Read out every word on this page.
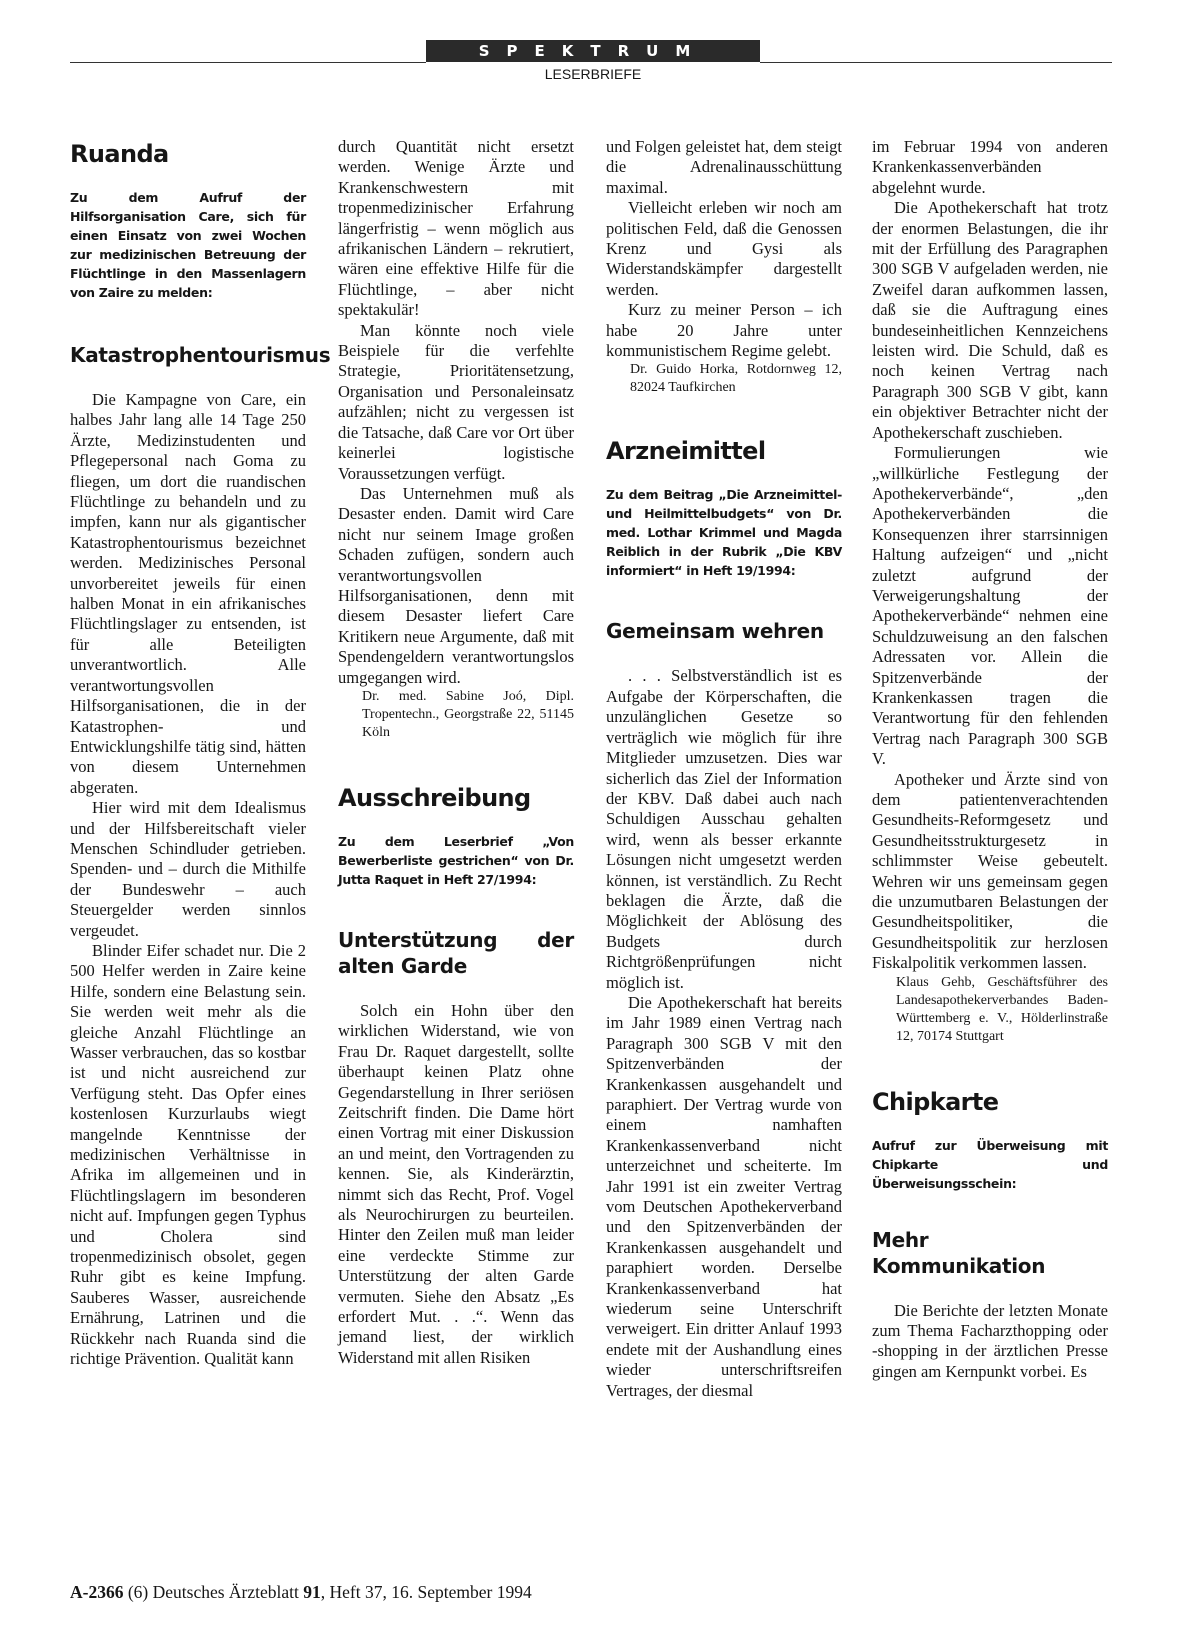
SPEKTRUM
LESERBRIEFE
Ruanda

Zu dem Aufruf der Hilfsorganisation Care, sich für einen Einsatz von zwei Wochen zur medizinischen Betreuung der Flüchtlinge in den Massenlagern von Zaire zu melden:

Katastrophentourismus

Die Kampagne von Care, ein halbes Jahr lang alle 14 Tage 250 Ärzte, Medizinstudenten und Pflegepersonal nach Goma zu fliegen, um dort die ruandischen Flüchtlinge zu behandeln und zu impfen, kann nur als gigantischer Katastrophentourismus bezeichnet werden. Medizinisches Personal unvorbereitet jeweils für einen halben Monat in ein afrikanisches Flüchtlingslager zu entsenden, ist für alle Beteiligten unverantwortlich. Alle verantwortungsvollen Hilfsorganisationen, die in der Katastrophen- und Entwicklungshilfe tätig sind, hätten von diesem Unternehmen abgeraten.

Hier wird mit dem Idealismus und der Hilfsbereitschaft vieler Menschen Schindluder getrieben. Spenden- und – durch die Mithilfe der Bundeswehr – auch Steuergelder werden sinnlos vergeudet.

Blinder Eifer schadet nur. Die 2 500 Helfer werden in Zaire keine Hilfe, sondern eine Belastung sein. Sie werden weit mehr als die gleiche Anzahl Flüchtlinge an Wasser verbrauchen, das so kostbar ist und nicht ausreichend zur Verfügung steht. Das Opfer eines kostenlosen Kurzurlaubs wiegt mangelnde Kenntnisse der medizinischen Verhältnisse in Afrika im allgemeinen und in Flüchtlingslagern im besonderen nicht auf. Impfungen gegen Typhus und Cholera sind tropenmedizinisch obsolet, gegen Ruhr gibt es keine Impfung. Sauberes Wasser, ausreichende Ernährung, Latrinen und die Rückkehr nach Ruanda sind die richtige Prävention. Qualität kann

durch Quantität nicht ersetzt werden. Wenige Ärzte und Krankenschwestern mit tropenmedizinischer Erfahrung längerfristig – wenn möglich aus afrikanischen Ländern – rekrutiert, wären eine effektive Hilfe für die Flüchtlinge, – aber nicht spektakulär!

Man könnte noch viele Beispiele für die verfehlte Strategie, Prioritätensetzung, Organisation und Personaleinsatz aufzählen; nicht zu vergessen ist die Tatsache, daß Care vor Ort über keinerlei logistische Voraussetzungen verfügt.

Das Unternehmen muß als Desaster enden. Damit wird Care nicht nur seinem Image großen Schaden zufügen, sondern auch verantwortungsvollen Hilfsorganisationen, denn mit diesem Desaster liefert Care Kritikern neue Argumente, daß mit Spendengeldern verantwortungslos umgegangen wird.

Dr. med. Sabine Joó, Dipl. Tropentechn., Georgstraße 22, 51145 Köln

Ausschreibung

Zu dem Leserbrief „Von Bewerberliste gestrichen“ von Dr. Jutta Raquet in Heft 27/1994:

Unterstützung der alten Garde

Solch ein Hohn über den wirklichen Widerstand, wie von Frau Dr. Raquet dargestellt, sollte überhaupt keinen Platz ohne Gegendarstellung in Ihrer seriösen Zeitschrift finden. Die Dame hört einen Vortrag mit einer Diskussion an und meint, den Vortragenden zu kennen. Sie, als Kinderärztin, nimmt sich das Recht, Prof. Vogel als Neurochirurgen zu beurteilen. Hinter den Zeilen muß man leider eine verdeckte Stimme zur Unterstützung der alten Garde vermuten. Siehe den Absatz „Es erfordert Mut. . .“. Wenn das jemand liest, der wirklich Widerstand mit allen Risiken

und Folgen geleistet hat, dem steigt die Adrenalinausschüttung maximal.

Vielleicht erleben wir noch am politischen Feld, daß die Genossen Krenz und Gysi als Widerstandskämpfer dargestellt werden.

Kurz zu meiner Person – ich habe 20 Jahre unter kommunistischem Regime gelebt.

Dr. Guido Horka, Rotdornweg 12, 82024 Taufkirchen

Arzneimittel

Zu dem Beitrag „Die Arzneimittel- und Heilmittelbudgets“ von Dr. med. Lothar Krimmel und Magda Reiblich in der Rubrik „Die KBV informiert“ in Heft 19/1994:

Gemeinsam wehren

. . . Selbstverständlich ist es Aufgabe der Körperschaften, die unzulänglichen Gesetze so verträglich wie möglich für ihre Mitglieder umzusetzen. Dies war sicherlich das Ziel der Information der KBV. Daß dabei auch nach Schuldigen Ausschau gehalten wird, wenn als besser erkannte Lösungen nicht umgesetzt werden können, ist verständlich. Zu Recht beklagen die Ärzte, daß die Möglichkeit der Ablösung des Budgets durch Richtgrößenprüfungen nicht möglich ist.

Die Apothekerschaft hat bereits im Jahr 1989 einen Vertrag nach Paragraph 300 SGB V mit den Spitzenverbänden der Krankenkassen ausgehandelt und paraphiert. Der Vertrag wurde von einem namhaften Krankenkassenverband nicht unterzeichnet und scheiterte. Im Jahr 1991 ist ein zweiter Vertrag vom Deutschen Apothekerverband und den Spitzenverbänden der Krankenkassen ausgehandelt und paraphiert worden. Derselbe Krankenkassenverband hat wiederum seine Unterschrift verweigert. Ein dritter Anlauf 1993 endete mit der Aushandlung eines wieder unterschriftsreifen Vertrages, der diesmal

im Februar 1994 von anderen Krankenkassenverbänden abgelehnt wurde.

Die Apothekerschaft hat trotz der enormen Belastungen, die ihr mit der Erfüllung des Paragraphen 300 SGB V aufgeladen werden, nie Zweifel daran aufkommen lassen, daß sie die Auftragung eines bundeseinheitlichen Kennzeichens leisten wird. Die Schuld, daß es noch keinen Vertrag nach Paragraph 300 SGB V gibt, kann ein objektiver Betrachter nicht der Apothekerschaft zuschieben.

Formulierungen wie „willkürliche Festlegung der Apothekerverbände“, „den Apothekerverbänden die Konsequenzen ihrer starrsinnigen Haltung aufzeigen“ und „nicht zuletzt aufgrund der Verweigerungshaltung der Apothekerverbände“ nehmen eine Schuldzuweisung an den falschen Adressaten vor. Allein die Spitzenverbände der Krankenkassen tragen die Verantwortung für den fehlenden Vertrag nach Paragraph 300 SGB V.

Apotheker und Ärzte sind von dem patientenverachtenden Gesundheits-Reformgesetz und Gesundheitsstrukturgesetz in schlimmster Weise gebeutelt. Wehren wir uns gemeinsam gegen die unzumutbaren Belastungen der Gesundheitspolitiker, die Gesundheitspolitik zur herzlosen Fiskalpolitik verkommen lassen.

Klaus Gehb, Geschäftsführer des Landesapothekerverbandes Baden-Württemberg e. V., Hölderlinstraße 12, 70174 Stuttgart

Chipkarte

Aufruf zur Überweisung mit Chipkarte und Überweisungsschein:

Mehr Kommunikation

Die Berichte der letzten Monate zum Thema Facharzthopping oder -shopping in der ärztlichen Presse gingen am Kernpunkt vorbei. Es

A-2366 (6) Deutsches Ärzteblatt 91, Heft 37, 16. September 1994
